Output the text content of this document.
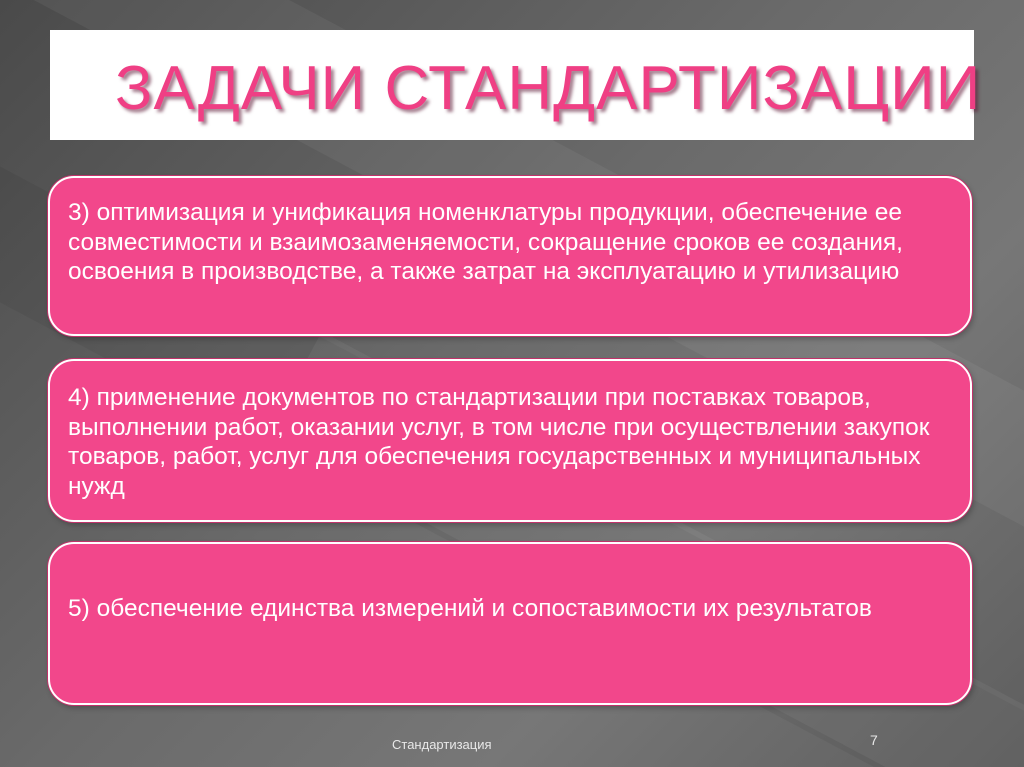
ЗАДАЧИ СТАНДАРТИЗАЦИИ
3) оптимизация и унификация номенклатуры продукции, обеспечение ее совместимости и взаимозаменяемости, сокращение сроков ее создания, освоения в производстве, а также затрат на эксплуатацию и утилизацию
4) применение документов по стандартизации при поставках товаров, выполнении работ, оказании услуг, в том числе при осуществлении закупок товаров, работ, услуг для обеспечения государственных и муниципальных нужд
5) обеспечение единства измерений и сопоставимости их результатов
Стандартизация	7
